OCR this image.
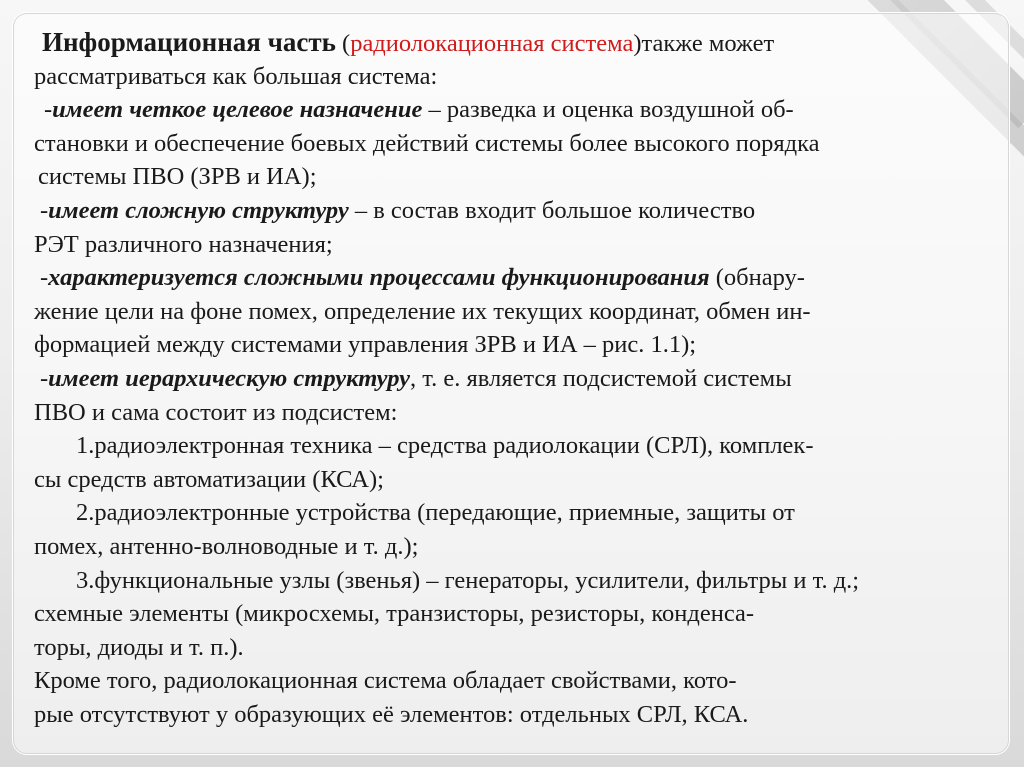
Информационная часть (радиолокационная система)также может
рассматриваться как большая система:
-имеет четкое целевое назначение – разведка и оценка воздушной об-
становки и обеспечение боевых действий системы более высокого порядка
системы ПВО (ЗРВ и ИА);
-имеет сложную структуру – в состав входит большое количество
РЭТ различного назначения;
-характеризуется сложными процессами функционирования (обнару-
жение цели на фоне помех, определение их текущих координат, обмен ин-
формацией между системами управления ЗРВ и ИА – рис. 1.1);
-имеет иерархическую структуру, т. е. является подсистемой системы
ПВО и сама состоит из подсистем:
1.радиоэлектронная техника – средства радиолокации (СРЛ), комплек-
сы средств автоматизации (КСА);
2.радиоэлектронные устройства (передающие, приемные, защиты от
помех, антенно-волноводные и т. д.);
3.функциональные узлы (звенья) – генераторы, усилители, фильтры и т. д.;
схемные элементы (микросхемы, транзисторы, резисторы, конденса-
торы, диоды и т. п.).
Кроме того, радиолокационная система обладает свойствами, кото-
рые отсутствуют у образующих её элементов: отдельных СРЛ, КСА.
